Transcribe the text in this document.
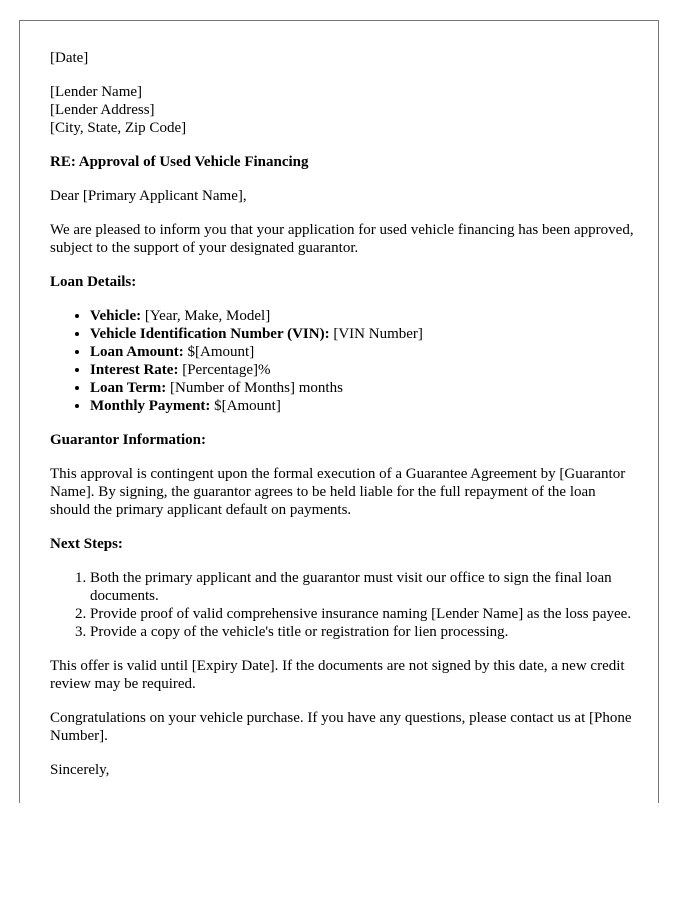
[Date]

[Lender Name]
[Lender Address]
[City, State, Zip Code]

RE: Approval of Used Vehicle Financing

Dear [Primary Applicant Name],

We are pleased to inform you that your application for used vehicle financing has been approved, subject to the support of your designated guarantor.

Loan Details:

• Vehicle: [Year, Make, Model]
• Vehicle Identification Number (VIN): [VIN Number]
• Loan Amount: $[Amount]
• Interest Rate: [Percentage]%
• Loan Term: [Number of Months] months
• Monthly Payment: $[Amount]

Guarantor Information:

This approval is contingent upon the formal execution of a Guarantee Agreement by [Guarantor Name]. By signing, the guarantor agrees to be held liable for the full repayment of the loan should the primary applicant default on payments.

Next Steps:

1. Both the primary applicant and the guarantor must visit our office to sign the final loan documents.
2. Provide proof of valid comprehensive insurance naming [Lender Name] as the loss payee.
3. Provide a copy of the vehicle's title or registration for lien processing.

This offer is valid until [Expiry Date]. If the documents are not signed by this date, a new credit review may be required.

Congratulations on your vehicle purchase. If you have any questions, please contact us at [Phone Number].

Sincerely,
